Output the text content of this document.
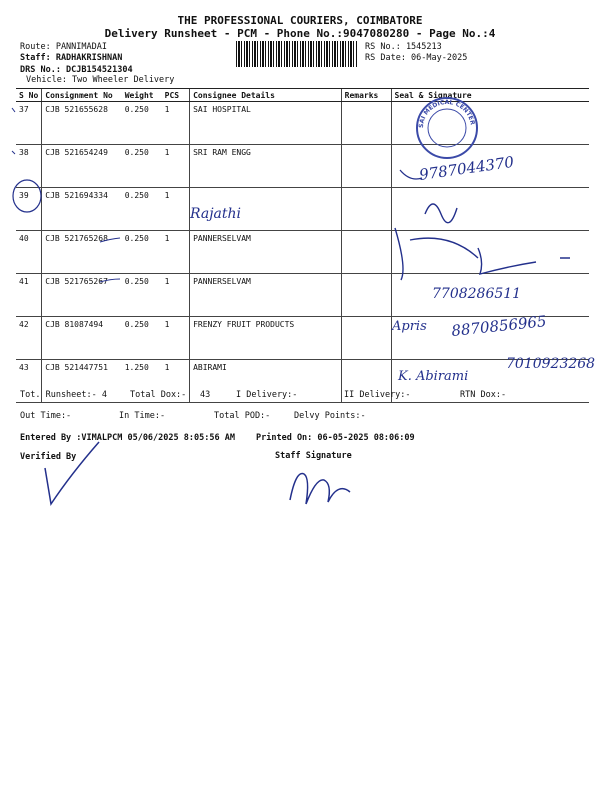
THE PROFESSIONAL COURIERS, COIMBATORE
Delivery Runsheet - PCM - Phone No.:9047080280 - Page No.:4
Route: PANNIMADAI
Staff: RADHAKRISHNAN
DRS No.: DCJB154521304
Vehicle: Two Wheeler Delivery
RS No.: 1545213
RS Date: 06-May-2025
S No	Consignment No	Weight	PCS	Consignee Details	Remarks	Seal & Signature
37	CJB 521655628	0.250	1	SAI HOSPITAL		
38	CJB 521654249	0.250	1	SRI RAM ENGG		
39	CJB 521694334	0.250	1			
40	CJB 521765268	0.250	1	PANNERSELVAM		
41	CJB 521765267	0.250	1	PANNERSELVAM		
42	CJB 81087494	0.250	1	FRENZY FRUIT PRODUCTS		
43	CJB 521447751	1.250	1	ABIRAMI		
Tot. Runsheet:- 4	Total Dox:- 43	I Delivery:-	II Delivery:-	RTN Dox:-
Out Time:-	In Time:-	Total POD:-	Delvy Points:-
Entered By :VIMALPCM 05/06/2025 8:05:56 AM Printed On: 06-05-2025 08:06:09
Verified By	Staff Signature
SAI MEDICAL CENTER
9787044370
Rajathi
7708286511
Apris 8870856965
K. Abirami
7010923268
